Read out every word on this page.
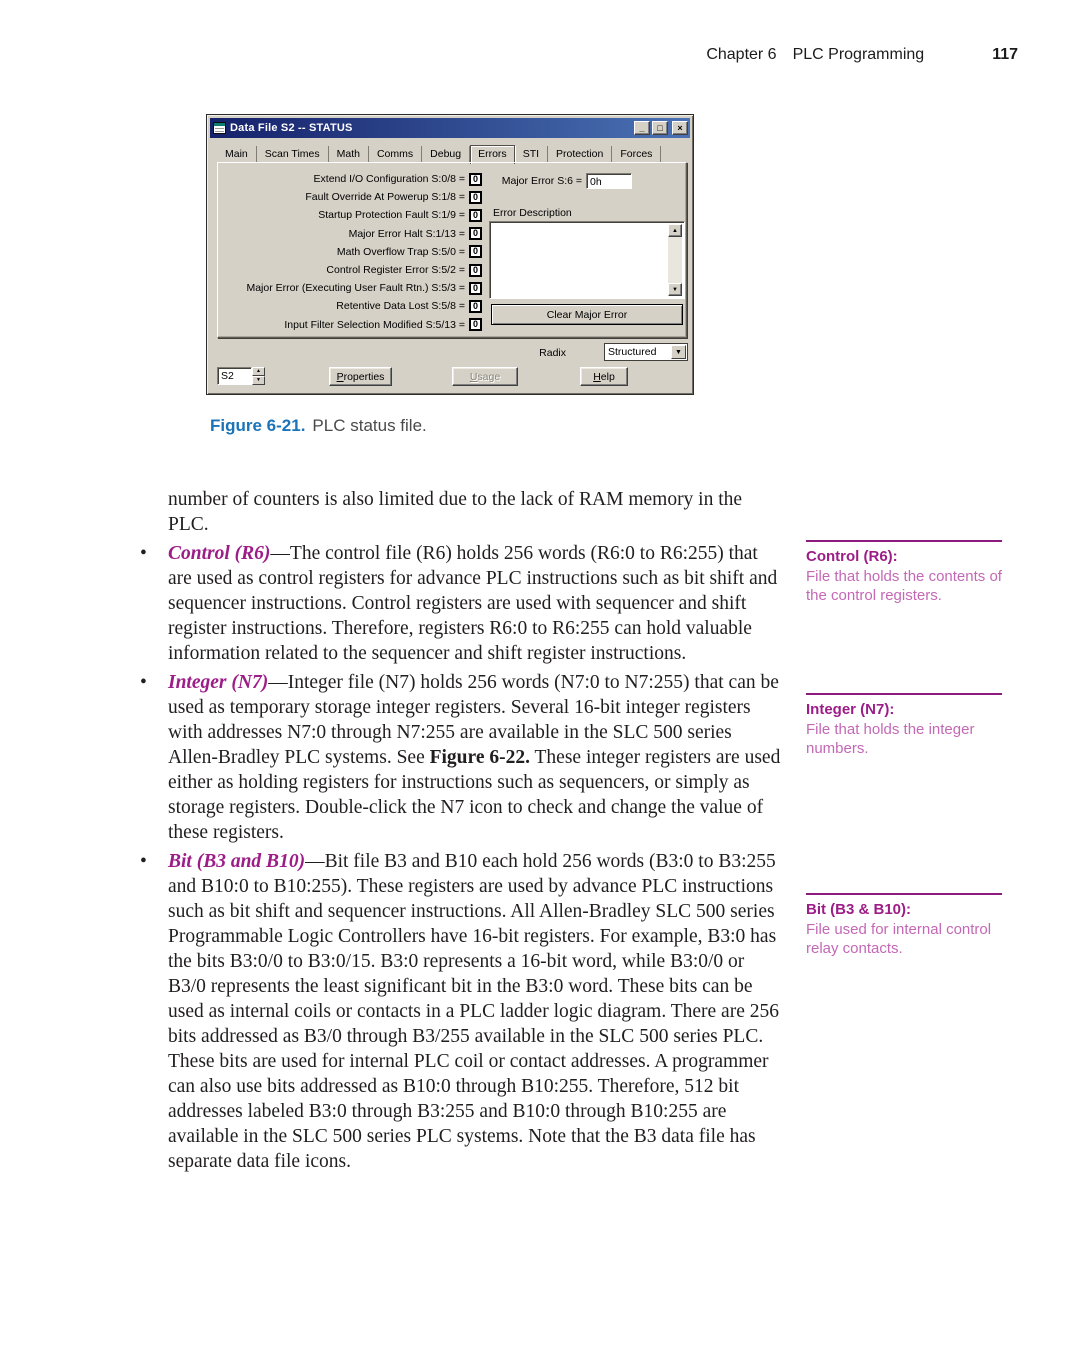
Chapter 6 PLC Programming	117
Data File S2 -- STATUS	_	□	×
Main	Scan Times	Math	Comms	Debug	Errors	STI	Protection	Forces
Extend I/O Configuration S:0/8 = 0
Fault Override At Powerup S:1/8 = 0
Startup Protection Fault S:1/9 = 0
Major Error Halt S:1/13 = 0
Math Overflow Trap S:5/0 = 0
Control Register Error S:5/2 = 0
Major Error (Executing User Fault Rtn.) S:5/3 = 0
Retentive Data Lost S:5/8 = 0
Input Filter Selection Modified S:5/13 = 0
Major Error S:6 = 0h
Error Description
▲
▼
Clear Major Error
Radix	Structured	▼
S2	▲
▼	Properties	Usage	Help
Figure 6-21. PLC status file.

number of counters is also limited due to the lack of RAM memory in the PLC.

• Control (R6)—The control file (R6) holds 256 words (R6:0 to R6:255) that are used as control registers for advance PLC instructions such as bit shift and sequencer instructions. Control registers are used with sequencer and shift register instructions. Therefore, registers R6:0 to R6:255 can hold valuable information related to the sequencer and shift register instructions.
• Integer (N7)—Integer file (N7) holds 256 words (N7:0 to N7:255) that can be used as temporary storage integer registers. Several 16-bit integer registers with addresses N7:0 through N7:255 are available in the SLC 500 series Allen-Bradley PLC systems. See Figure 6-22. These integer registers are used either as holding registers for instructions such as sequencers, or simply as storage registers. Double-click the N7 icon to check and change the value of these registers.
• Bit (B3 and B10)—Bit file B3 and B10 each hold 256 words (B3:0 to B3:255 and B10:0 to B10:255). These registers are used by advance PLC instructions such as bit shift and sequencer instructions. All Allen-Bradley SLC 500 series Programmable Logic Controllers have 16-bit registers. For example, B3:0 has the bits B3:0/0 to B3:0/15. B3:0 represents a 16-bit word, while B3:0/0 or B3/0 represents the least significant bit in the B3:0 word. These bits can be used as internal coils or contacts in a PLC ladder logic diagram. There are 256 bits addressed as B3/0 through B3/255 available in the SLC 500 series PLC. These bits are used for internal PLC coil or contact addresses. A programmer can also use bits addressed as B10:0 through B10:255. Therefore, 512 bit addresses labeled B3:0 through B3:255 and B10:0 through B10:255 are available in the SLC 500 series PLC systems. Note that the B3 data file has separate data file icons.
Control (R6):
File that holds the contents of the control registers.
Integer (N7):
File that holds the integer numbers.
Bit (B3 & B10):
File used for internal control relay contacts.
